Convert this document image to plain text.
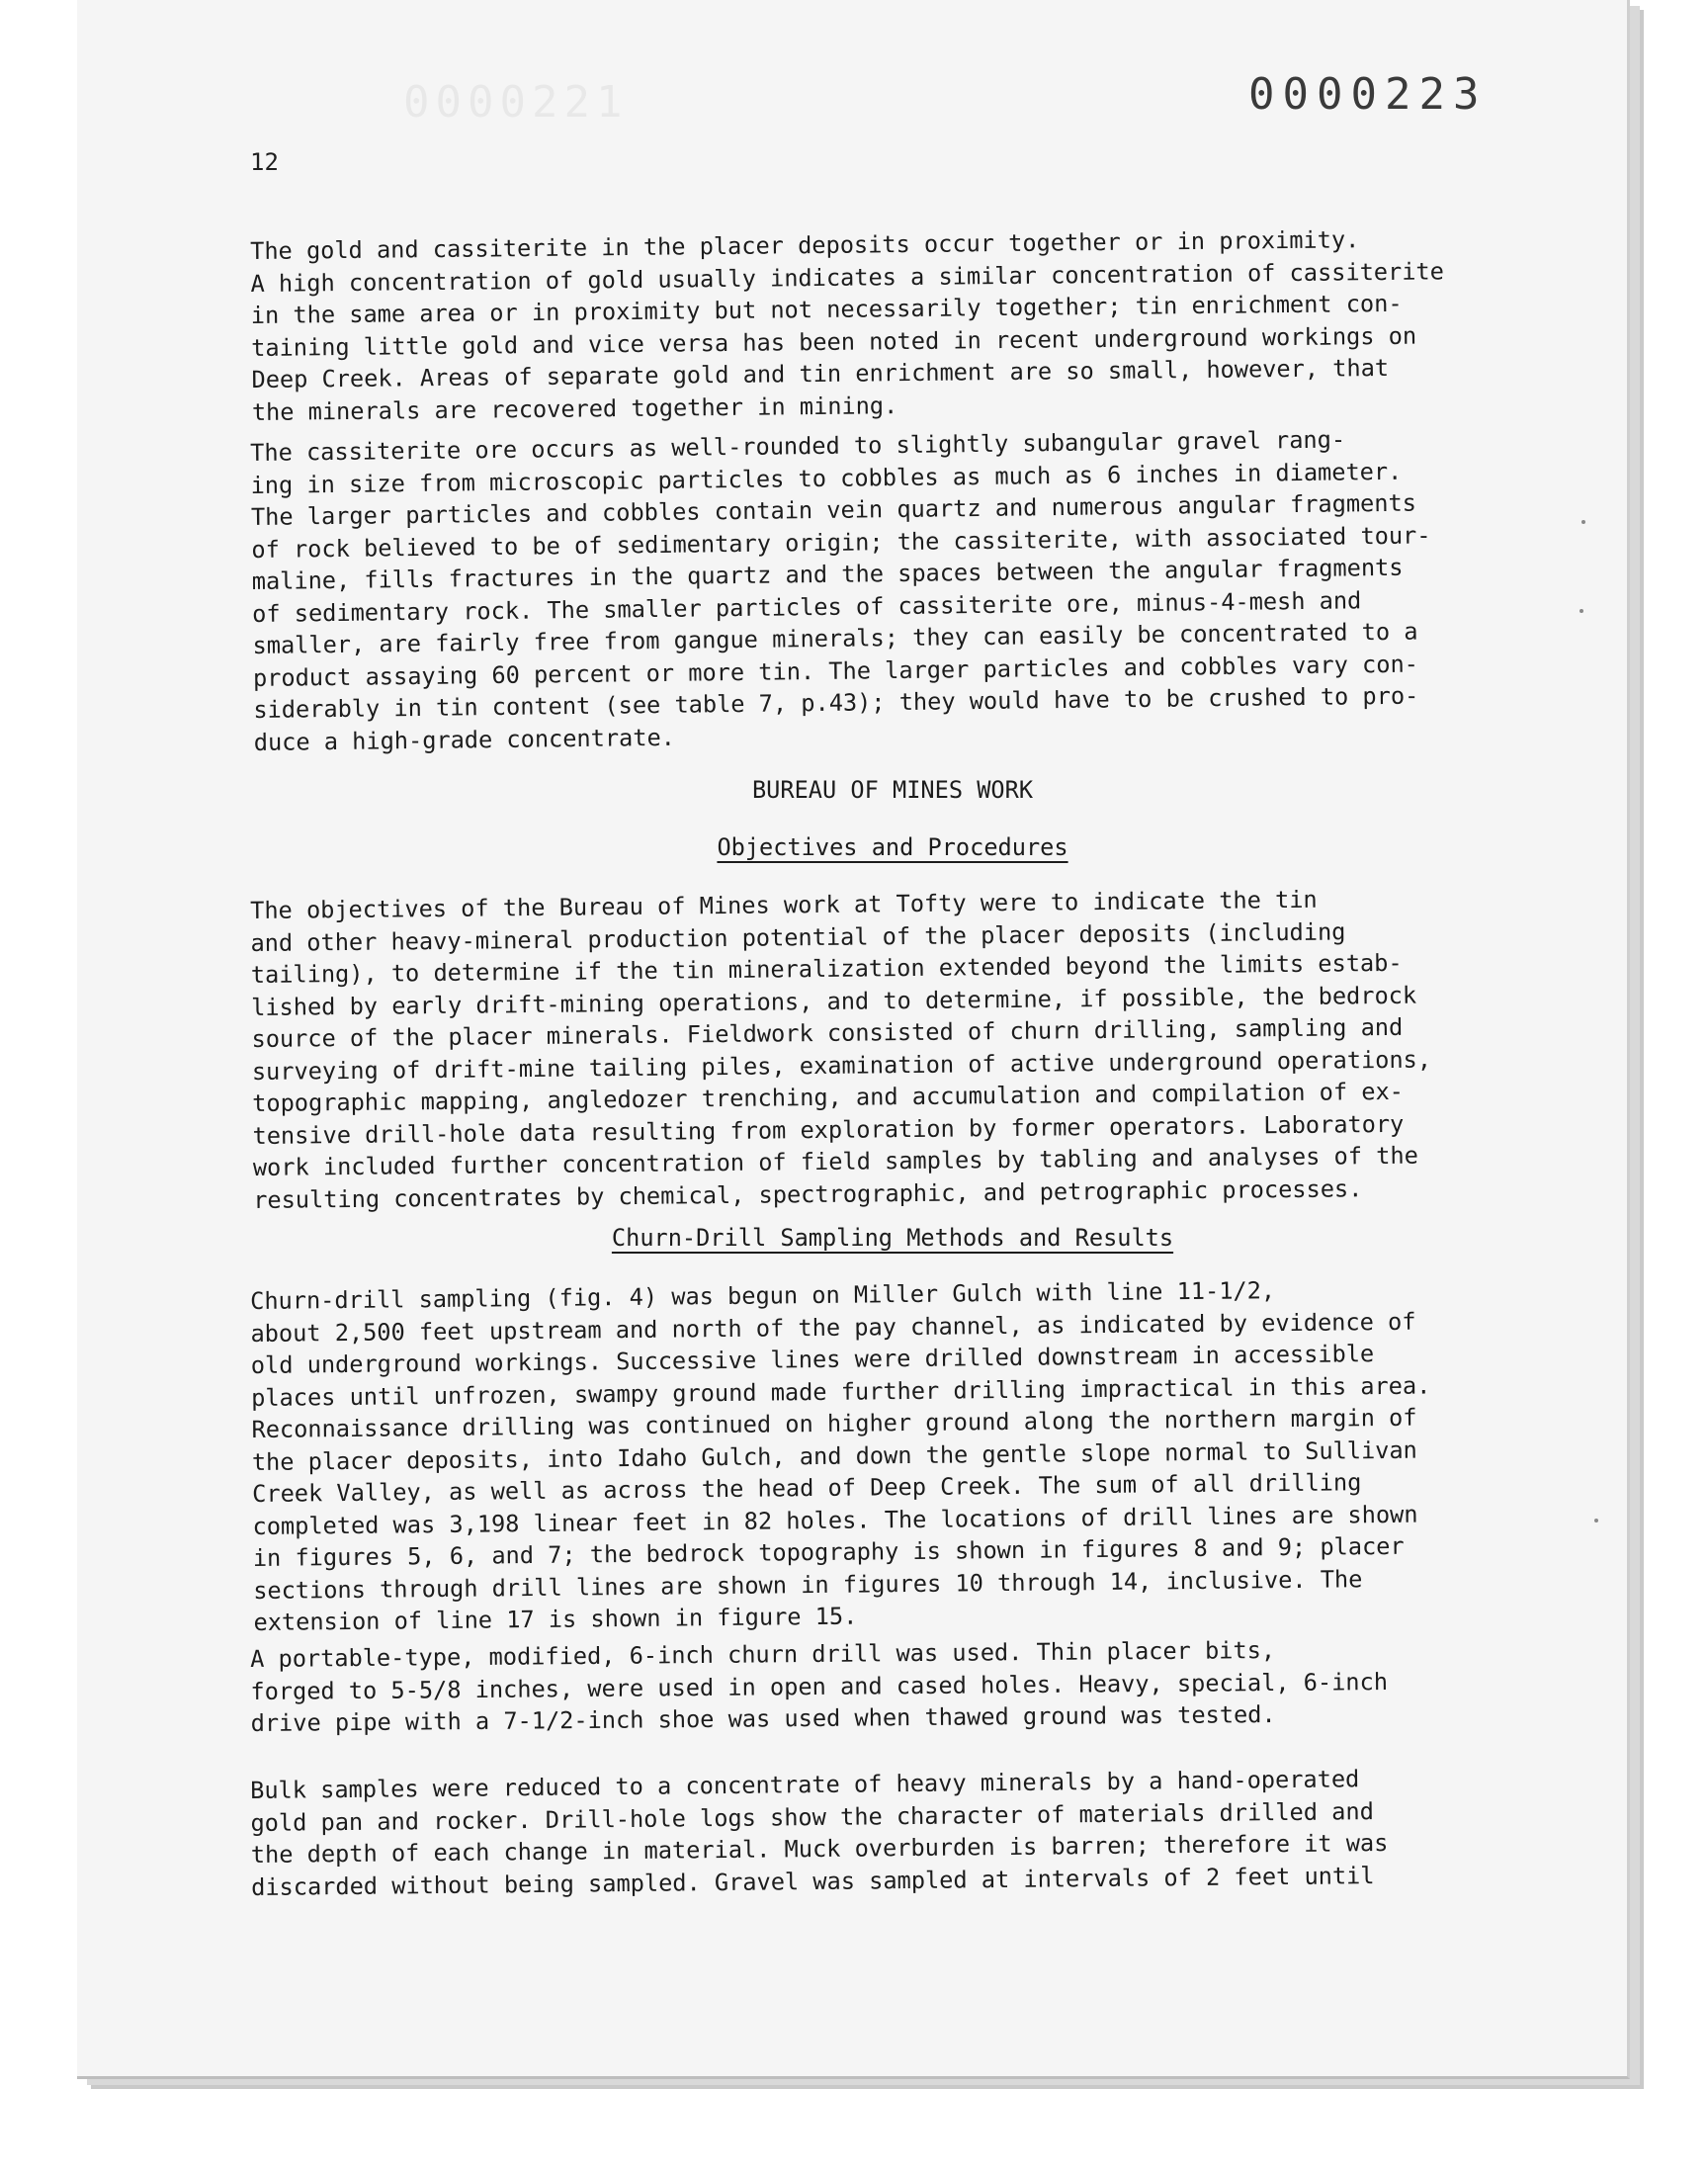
0000221	0000223
12

The gold and cassiterite in the placer deposits occur together or in proximity.
A high concentration of gold usually indicates a similar concentration of cassiterite
in the same area or in proximity but not necessarily together; tin enrichment con-
taining little gold and vice versa has been noted in recent underground workings on
Deep Creek. Areas of separate gold and tin enrichment are so small, however, that
the minerals are recovered together in mining.

The cassiterite ore occurs as well-rounded to slightly subangular gravel rang-
ing in size from microscopic particles to cobbles as much as 6 inches in diameter.
The larger particles and cobbles contain vein quartz and numerous angular fragments
of rock believed to be of sedimentary origin; the cassiterite, with associated tour-
maline, fills fractures in the quartz and the spaces between the angular fragments
of sedimentary rock. The smaller particles of cassiterite ore, minus-4-mesh and
smaller, are fairly free from gangue minerals; they can easily be concentrated to a
product assaying 60 percent or more tin. The larger particles and cobbles vary con-
siderably in tin content (see table 7, p.43); they would have to be crushed to pro-
duce a high-grade concentrate.

BUREAU OF MINES WORK
Objectives and Procedures

The objectives of the Bureau of Mines work at Tofty were to indicate the tin
and other heavy-mineral production potential of the placer deposits (including
tailing), to determine if the tin mineralization extended beyond the limits estab-
lished by early drift-mining operations, and to determine, if possible, the bedrock
source of the placer minerals. Fieldwork consisted of churn drilling, sampling and
surveying of drift-mine tailing piles, examination of active underground operations,
topographic mapping, angledozer trenching, and accumulation and compilation of ex-
tensive drill-hole data resulting from exploration by former operators. Laboratory
work included further concentration of field samples by tabling and analyses of the
resulting concentrates by chemical, spectrographic, and petrographic processes.

Churn-Drill Sampling Methods and Results

Churn-drill sampling (fig. 4) was begun on Miller Gulch with line 11-1/2,
about 2,500 feet upstream and north of the pay channel, as indicated by evidence of
old underground workings. Successive lines were drilled downstream in accessible
places until unfrozen, swampy ground made further drilling impractical in this area.
Reconnaissance drilling was continued on higher ground along the northern margin of
the placer deposits, into Idaho Gulch, and down the gentle slope normal to Sullivan
Creek Valley, as well as across the head of Deep Creek. The sum of all drilling
completed was 3,198 linear feet in 82 holes. The locations of drill lines are shown
in figures 5, 6, and 7; the bedrock topography is shown in figures 8 and 9; placer
sections through drill lines are shown in figures 10 through 14, inclusive. The
extension of line 17 is shown in figure 15.

A portable-type, modified, 6-inch churn drill was used. Thin placer bits,
forged to 5-5/8 inches, were used in open and cased holes. Heavy, special, 6-inch
drive pipe with a 7-1/2-inch shoe was used when thawed ground was tested.

Bulk samples were reduced to a concentrate of heavy minerals by a hand-operated
gold pan and rocker. Drill-hole logs show the character of materials drilled and
the depth of each change in material. Muck overburden is barren; therefore it was
discarded without being sampled. Gravel was sampled at intervals of 2 feet until
